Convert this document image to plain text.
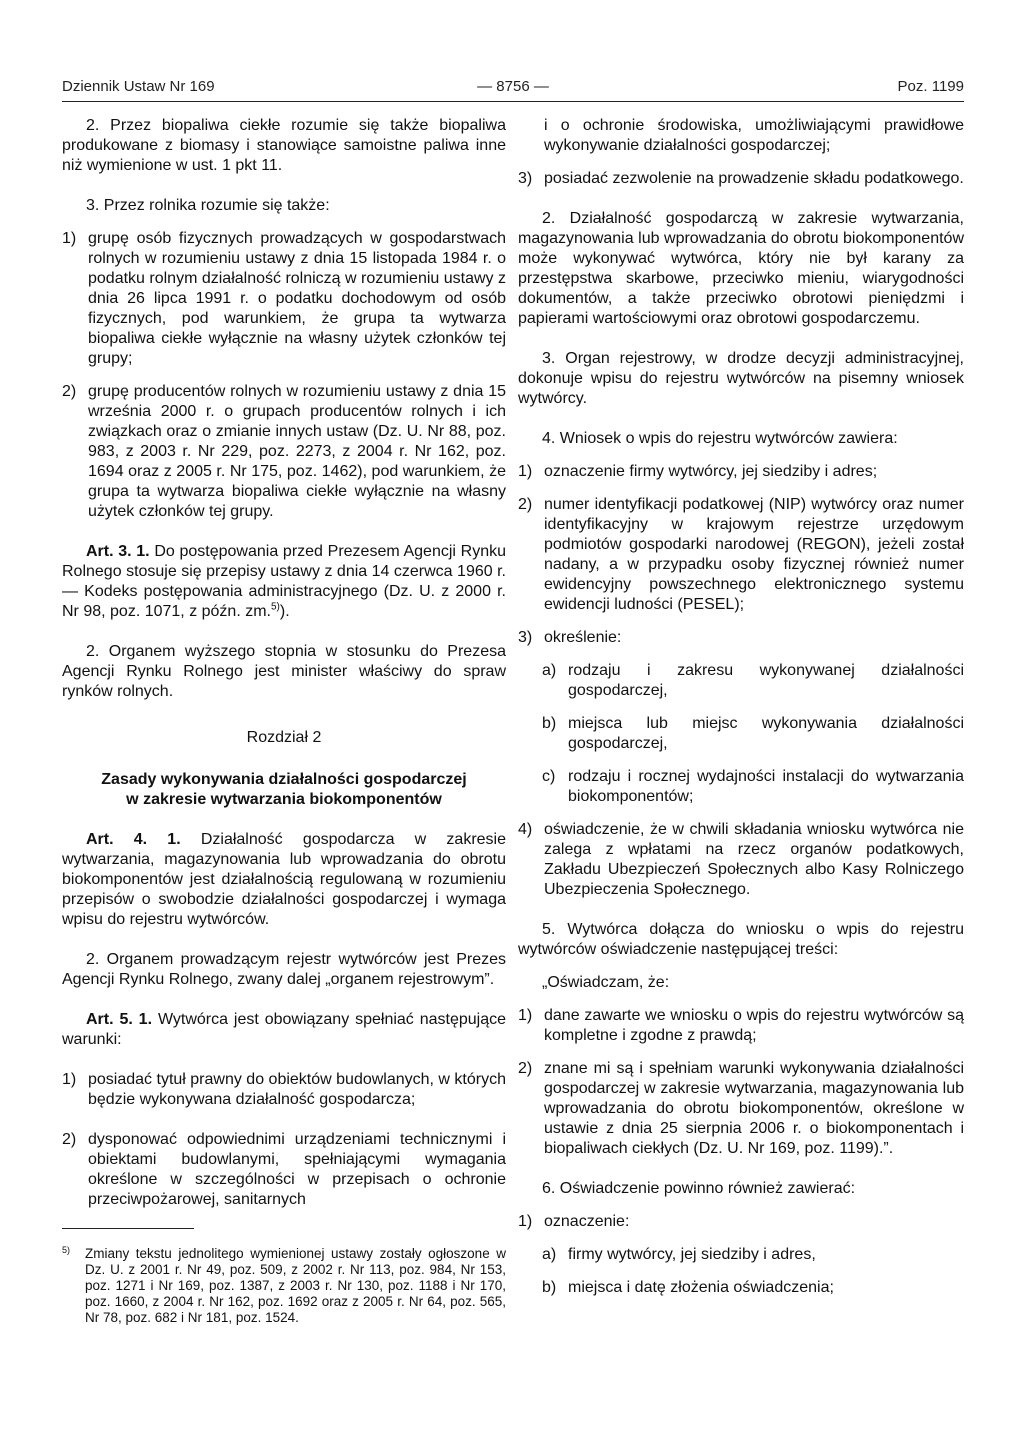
Dziennik Ustaw Nr 169	— 8756 —	Poz. 1199

2. Przez biopaliwa ciekłe rozumie się także biopaliwa produkowane z biomasy i stanowiące samoistne paliwa inne niż wymienione w ust. 1 pkt 11.

3. Przez rolnika rozumie się także:

1) grupę osób fizycznych prowadzących w gospodarstwach rolnych w rozumieniu ustawy z dnia 15 listopada 1984 r. o podatku rolnym działalność rolniczą w rozumieniu ustawy z dnia 26 lipca 1991 r. o podatku dochodowym od osób fizycznych, pod warunkiem, że grupa ta wytwarza biopaliwa ciekłe wyłącznie na własny użytek członków tej grupy;

2) grupę producentów rolnych w rozumieniu ustawy z dnia 15 września 2000 r. o grupach producentów rolnych i ich związkach oraz o zmianie innych ustaw (Dz. U. Nr 88, poz. 983, z 2003 r. Nr 229, poz. 2273, z 2004 r. Nr 162, poz. 1694 oraz z 2005 r. Nr 175, poz. 1462), pod warunkiem, że grupa ta wytwarza biopaliwa ciekłe wyłącznie na własny użytek członków tej grupy.

Art. 3. 1. Do postępowania przed Prezesem Agencji Rynku Rolnego stosuje się przepisy ustawy z dnia 14 czerwca 1960 r. — Kodeks postępowania administracyjnego (Dz. U. z 2000 r. Nr 98, poz. 1071, z późn. zm.$^{5)}$).

2. Organem wyższego stopnia w stosunku do Prezesa Agencji Rynku Rolnego jest minister właściwy do spraw rynków rolnych.

Rozdział 2

Zasady wykonywania działalności gospodarczej

w zakresie wytwarzania biokomponentów

Art. 4. 1. Działalność gospodarcza w zakresie wytwarzania, magazynowania lub wprowadzania do obrotu biokomponentów jest działalnością regulowaną w rozumieniu przepisów o swobodzie działalności gospodarczej i wymaga wpisu do rejestru wytwórców.

2. Organem prowadzącym rejestr wytwórców jest Prezes Agencji Rynku Rolnego, zwany dalej „organem rejestrowym”.

Art. 5. 1. Wytwórca jest obowiązany spełniać następujące warunki:

1) posiadać tytuł prawny do obiektów budowlanych, w których będzie wykonywana działalność gospodarcza;

2) dysponować odpowiednimi urządzeniami technicznymi i obiektami budowlanymi, spełniającymi wymagania określone w szczególności w przepisach o ochronie przeciwpożarowej, sanitarnych

5)	Zmiany tekstu jednolitego wymienionej ustawy zostały ogłoszone w Dz. U. z 2001 r. Nr 49, poz. 509, z 2002 r. Nr 113, poz. 984, Nr 153, poz. 1271 i Nr 169, poz. 1387, z 2003 r. Nr 130, poz. 1188 i Nr 170, poz. 1660, z 2004 r. Nr 162, poz. 1692 oraz z 2005 r. Nr 64, poz. 565, Nr 78, poz. 682 i Nr 181, poz. 1524.

i o ochronie środowiska, umożliwiającymi prawidłowe wykonywanie działalności gospodarczej;

3) posiadać zezwolenie na prowadzenie składu podatkowego.

2. Działalność gospodarczą w zakresie wytwarzania, magazynowania lub wprowadzania do obrotu biokomponentów może wykonywać wytwórca, który nie był karany za przestępstwa skarbowe, przeciwko mieniu, wiarygodności dokumentów, a także przeciwko obrotowi pieniędzmi i papierami wartościowymi oraz obrotowi gospodarczemu.

3. Organ rejestrowy, w drodze decyzji administracyjnej, dokonuje wpisu do rejestru wytwórców na pisemny wniosek wytwórcy.

4. Wniosek o wpis do rejestru wytwórców zawiera:

1) oznaczenie firmy wytwórcy, jej siedziby i adres;

2) numer identyfikacji podatkowej (NIP) wytwórcy oraz numer identyfikacyjny w krajowym rejestrze urzędowym podmiotów gospodarki narodowej (REGON), jeżeli został nadany, a w przypadku osoby fizycznej również numer ewidencyjny powszechnego elektronicznego systemu ewidencji ludności (PESEL);

3) określenie:

a) rodzaju i zakresu wykonywanej działalności gospodarczej,

b) miejsca lub miejsc wykonywania działalności gospodarczej,

c) rodzaju i rocznej wydajności instalacji do wytwarzania biokomponentów;

4) oświadczenie, że w chwili składania wniosku wytwórca nie zalega z wpłatami na rzecz organów podatkowych, Zakładu Ubezpieczeń Społecznych albo Kasy Rolniczego Ubezpieczenia Społecznego.

5. Wytwórca dołącza do wniosku o wpis do rejestru wytwórców oświadczenie następującej treści:

„Oświadczam, że:

1) dane zawarte we wniosku o wpis do rejestru wytwórców są kompletne i zgodne z prawdą;

2) znane mi są i spełniam warunki wykonywania działalności gospodarczej w zakresie wytwarzania, magazynowania lub wprowadzania do obrotu biokomponentów, określone w ustawie z dnia 25 sierpnia 2006 r. o biokomponentach i biopaliwach ciekłych (Dz. U. Nr 169, poz. 1199).”.

6. Oświadczenie powinno również zawierać:

1) oznaczenie:

a) firmy wytwórcy, jej siedziby i adres,

b) miejsca i datę złożenia oświadczenia;
